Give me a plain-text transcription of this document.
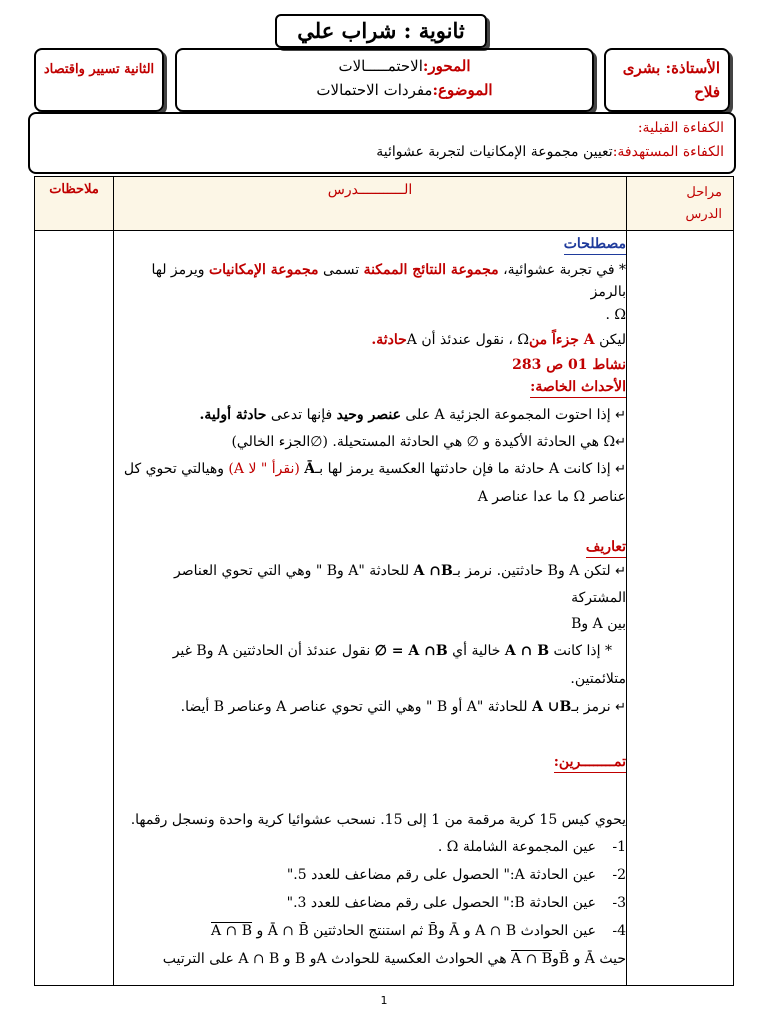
ثانوية : شراب علي
الأستاذة: بشرى فلاح
المحور:الاحتمـــــالات
الموضوع:مفردات الاحتمالات
الثانية تسيير واقتصاد
الكفاءة القبلية:
الكفاءة المستهدفة:تعيين مجموعة الإمكانيات لتجربة عشوائية
ملاحظات	الـــــــــــدرس	مراحل الدرس

مصطلحات

* في تجربة عشوائية، مجموعة النتائج الممكنة تسمى مجموعة الإمكانيات ويرمز لها بالرمز

Ω .

ليكن A جزءاً منΩ ، نقول عندئذ أن Aحادثة.

نشاط 01 ص 283

الأحداث الخاصة:

↵ إذا احتوت المجموعة الجزئية A على عنصر وحيد فإنها تدعى حادثة أولية.

↵Ω هي الحادثة الأكيدة و ∅ هي الحادثة المستحيلة. (∅الجزء الخالي)

↵ إذا كانت A حادثة ما فإن حادثتها العكسية يرمز لها بـĀ (نقرأ " لا A) وهيالتي تحوي كل

عناصر Ω ما عدا عناصر A

تعاريف

↵ لتكن A وB حادثتين. نرمز بـA ∩B للحادثة "A وB " وهي التي تحوي العناصر المشتركة

بين A وB

* إذا كانت A ∩ B خالية أي A ∩B = ∅ نقول عندئذ أن الحادثتين A وB غير

متلائمتين.

↵ نرمز بـA ∪B للحادثة "A أو B " وهي التي تحوي عناصر A وعناصر B أيضا.

تمــــــــرين:

يحوي كيس 15 كرية مرقمة من 1 إلى 15. نسحب عشوائيا كرية واحدة ونسجل رقمها.

1-عين المجموعة الشاملة Ω .

2-عين الحادثة A:" الحصول على رقم مضاعف للعدد 5."

3-عين الحادثة B:" الحصول على رقم مضاعف للعدد 3."

4-عين الحوادث A ∩ B و Ā وB̄ ثم استنتج الحادثتين Ā ∩ B̄ و A ∩ B

حيث Ā و B̄وA ∩ B هي الحوادث العكسية للحوادث Aو B و A ∩ B على الترتيب

1
